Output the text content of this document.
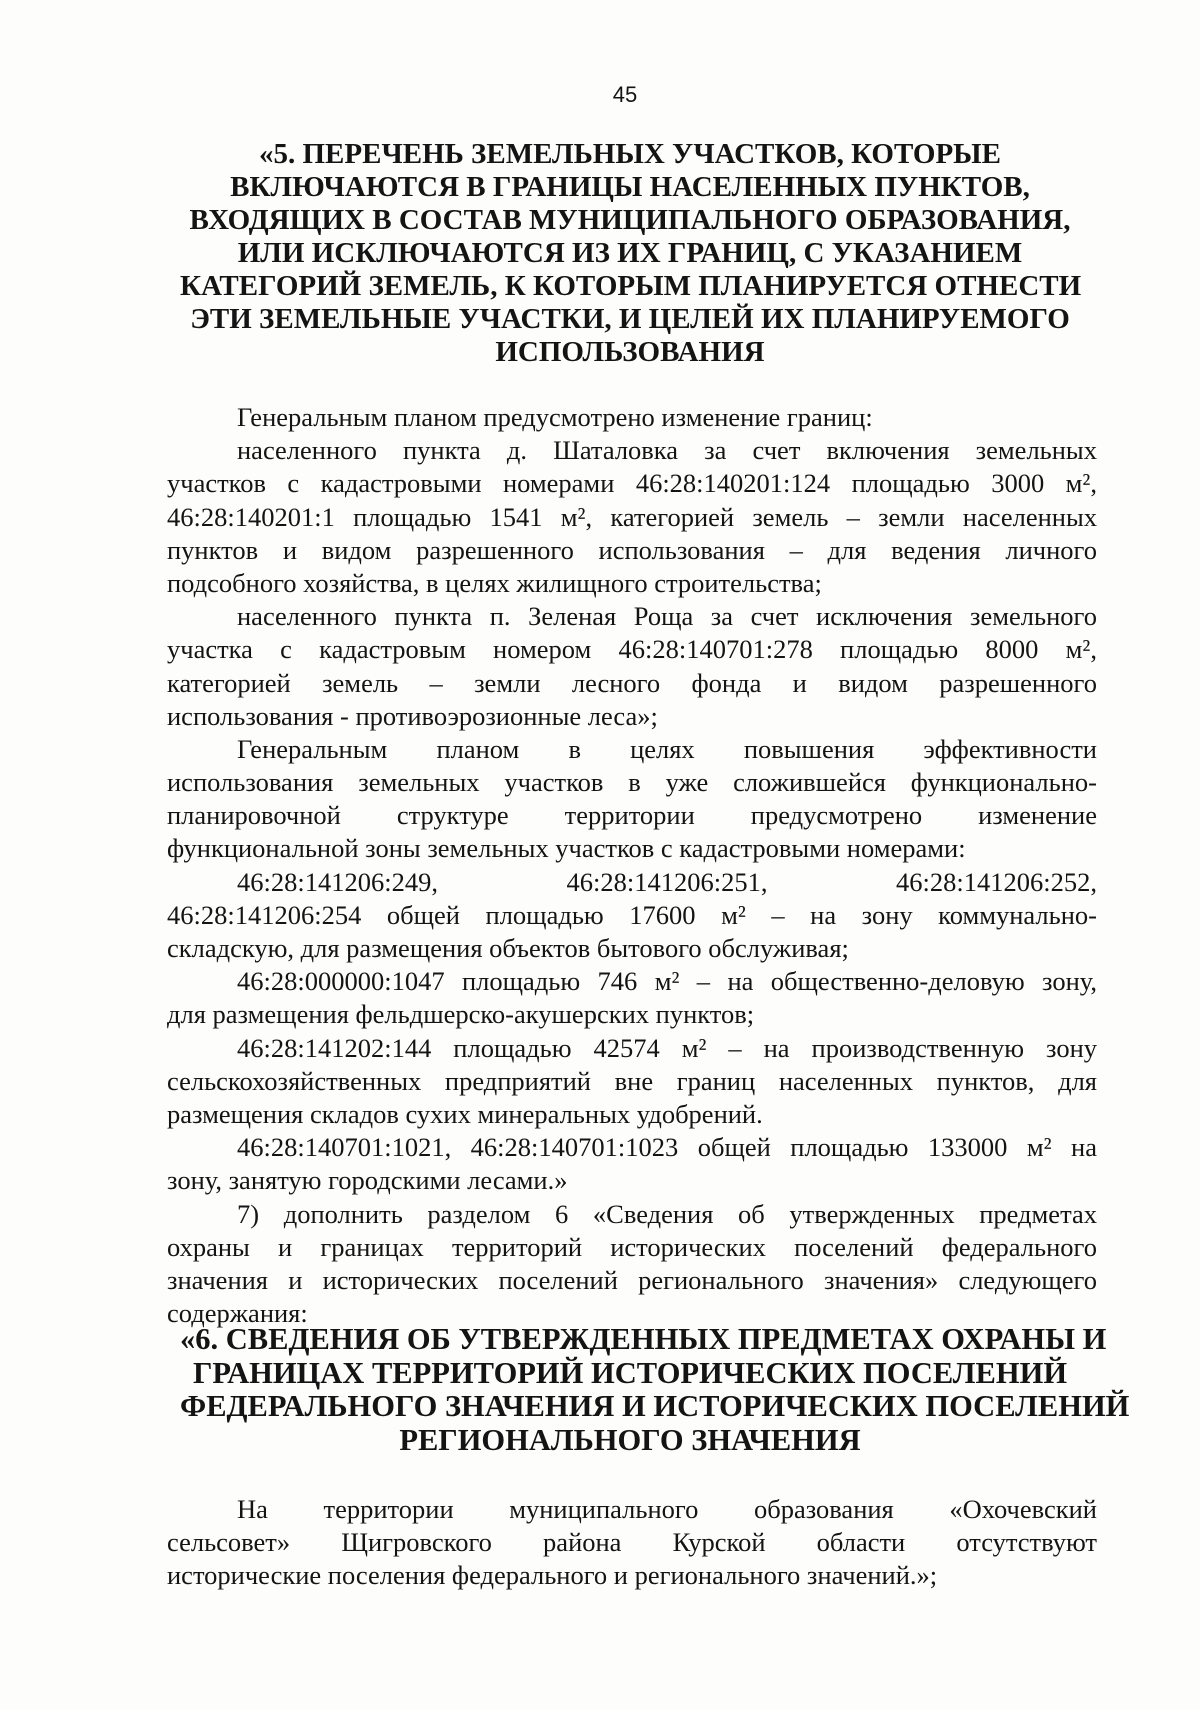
45
«5. ПЕРЕЧЕНЬ ЗЕМЕЛЬНЫХ УЧАСТКОВ, КОТОРЫЕ
ВКЛЮЧАЮТСЯ В ГРАНИЦЫ НАСЕЛЕННЫХ ПУНКТОВ,
ВХОДЯЩИХ В СОСТАВ МУНИЦИПАЛЬНОГО ОБРАЗОВАНИЯ,
ИЛИ ИСКЛЮЧАЮТСЯ ИЗ ИХ ГРАНИЦ, С УКАЗАНИЕМ
КАТЕГОРИЙ ЗЕМЕЛЬ, К КОТОРЫМ ПЛАНИРУЕТСЯ ОТНЕСТИ
ЭТИ ЗЕМЕЛЬНЫЕ УЧАСТКИ, И ЦЕЛЕЙ ИХ ПЛАНИРУЕМОГО
ИСПОЛЬЗОВАНИЯ
Генеральным планом предусмотрено изменение границ:
населенного пункта д. Шаталовка за счет включения земельных
участков с кадастровыми номерами 46:28:140201:124 площадью 3000 м²,
46:28:140201:1 площадью 1541 м², категорией земель – земли населенных
пунктов и видом разрешенного использования – для ведения личного
подсобного хозяйства, в целях жилищного строительства;
населенного пункта п. Зеленая Роща за счет исключения земельного
участка с кадастровым номером 46:28:140701:278 площадью 8000 м²,
категорией земель – земли лесного фонда и видом разрешенного
использования - противоэрозионные леса»;
Генеральным планом в целях повышения эффективности
использования земельных участков в уже сложившейся функционально-
планировочной структуре территории предусмотрено изменение
функциональной зоны земельных участков с кадастровыми номерами:
46:28:141206:249, 46:28:141206:251, 46:28:141206:252,
46:28:141206:254 общей площадью 17600 м² – на зону коммунально-
складскую, для размещения объектов бытового обслуживая;
46:28:000000:1047 площадью 746 м² – на общественно-деловую зону,
для размещения фельдшерско-акушерских пунктов;
46:28:141202:144 площадью 42574 м² – на производственную зону
сельскохозяйственных предприятий вне границ населенных пунктов, для
размещения складов сухих минеральных удобрений.
46:28:140701:1021, 46:28:140701:1023 общей площадью 133000 м² на
зону, занятую городскими лесами.»
7) дополнить разделом 6 «Сведения об утвержденных предметах
охраны и границах территорий исторических поселений федерального
значения и исторических поселений регионального значения» следующего
содержания:
«6. СВЕДЕНИЯ ОБ УТВЕРЖДЕННЫХ ПРЕДМЕТАХ ОХРАНЫ И
ГРАНИЦАХ ТЕРРИТОРИЙ ИСТОРИЧЕСКИХ ПОСЕЛЕНИЙ
ФЕДЕРАЛЬНОГО ЗНАЧЕНИЯ И ИСТОРИЧЕСКИХ ПОСЕЛЕНИЙ
РЕГИОНАЛЬНОГО ЗНАЧЕНИЯ
На территории муниципального образования «Охочевский
сельсовет» Щигровского района Курской области отсутствуют
исторические поселения федерального и регионального значений.»;
